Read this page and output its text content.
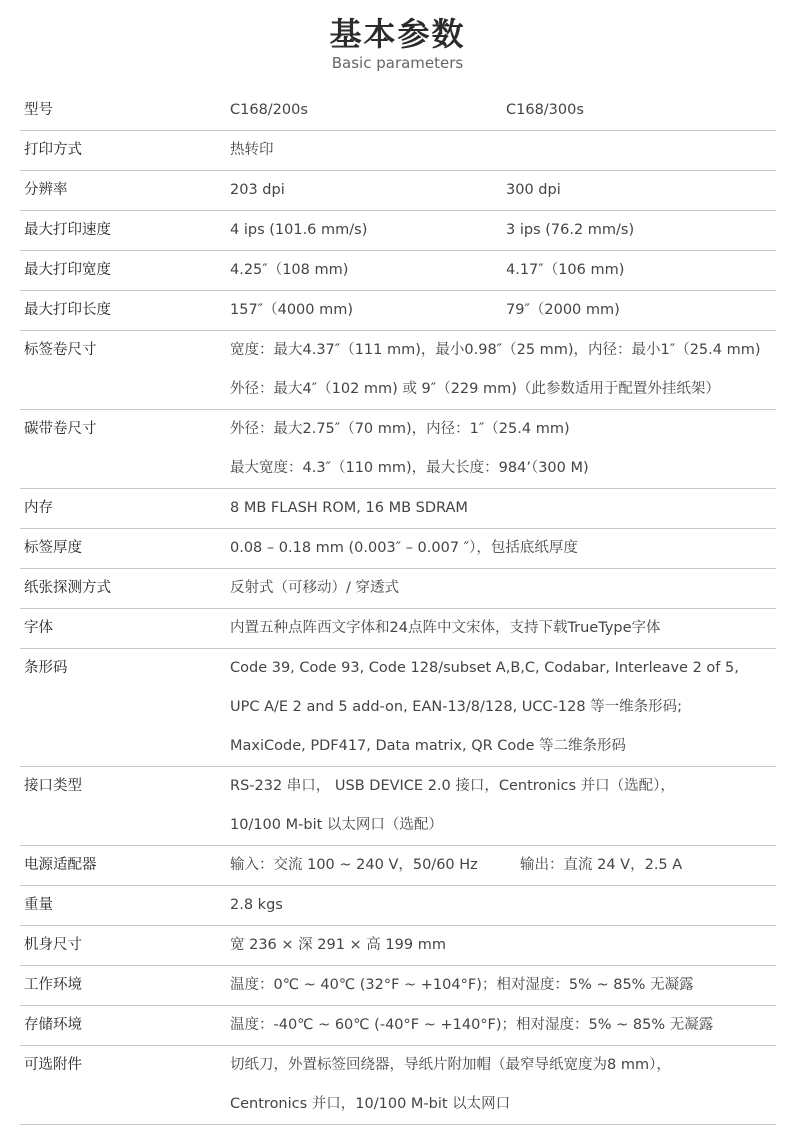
基本参数
Basic parameters
型号	C168/200s	C168/300s
打印方式	热转印
分辨率	203 dpi	300 dpi
最大打印速度	4 ips (101.6 mm/s)	3 ips (76.2 mm/s)
最大打印宽度	4.25″（108 mm)	4.17″（106 mm)
最大打印长度	157″（4000 mm)	79″（2000 mm)
标签卷尺寸	宽度：最大4.37″（111 mm)，最小0.98″（25 mm)，内径：最小1″（25.4 mm)
外径：最大4″（102 mm) 或 9″（229 mm)（此参数适用于配置外挂纸架）
碳带卷尺寸	外径：最大2.75″（70 mm)，内径：1″（25.4 mm)
最大宽度：4.3″（110 mm)，最大长度：984’（300 M)
内存	8 MB FLASH ROM, 16 MB SDRAM
标签厚度	0.08 – 0.18 mm (0.003″ – 0.007 ″），包括底纸厚度
纸张探测方式	反射式（可移动）/ 穿透式
字体	内置五种点阵西文字体和24点阵中文宋体，支持下载TrueType字体
条形码	Code 39, Code 93, Code 128/subset A,B,C, Codabar, Interleave 2 of 5,
UPC A/E 2 and 5 add-on, EAN-13/8/128, UCC-128 等一维条形码;
MaxiCode, PDF417, Data matrix, QR Code 等二维条形码
接口类型	RS-232 串口， USB DEVICE 2.0 接口，Centronics 并口（选配），
10/100 M-bit 以太网口（选配）
电源适配器	输入：交流 100 ~ 240 V，50/60 Hz	输出：直流 24 V，2.5 A
重量	2.8 kgs
机身尺寸	宽 236 × 深 291 × 高 199 mm
工作环境	温度：0℃ ~ 40℃ (32°F ~ +104°F)；相对湿度：5% ~ 85% 无凝露
存储环境	温度：-40℃ ~ 60℃ (-40°F ~ +140°F)；相对湿度：5% ~ 85% 无凝露
可选附件	切纸刀，外置标签回绕器，导纸片附加帽（最窄导纸宽度为8 mm），
Centronics 并口，10/100 M-bit 以太网口
